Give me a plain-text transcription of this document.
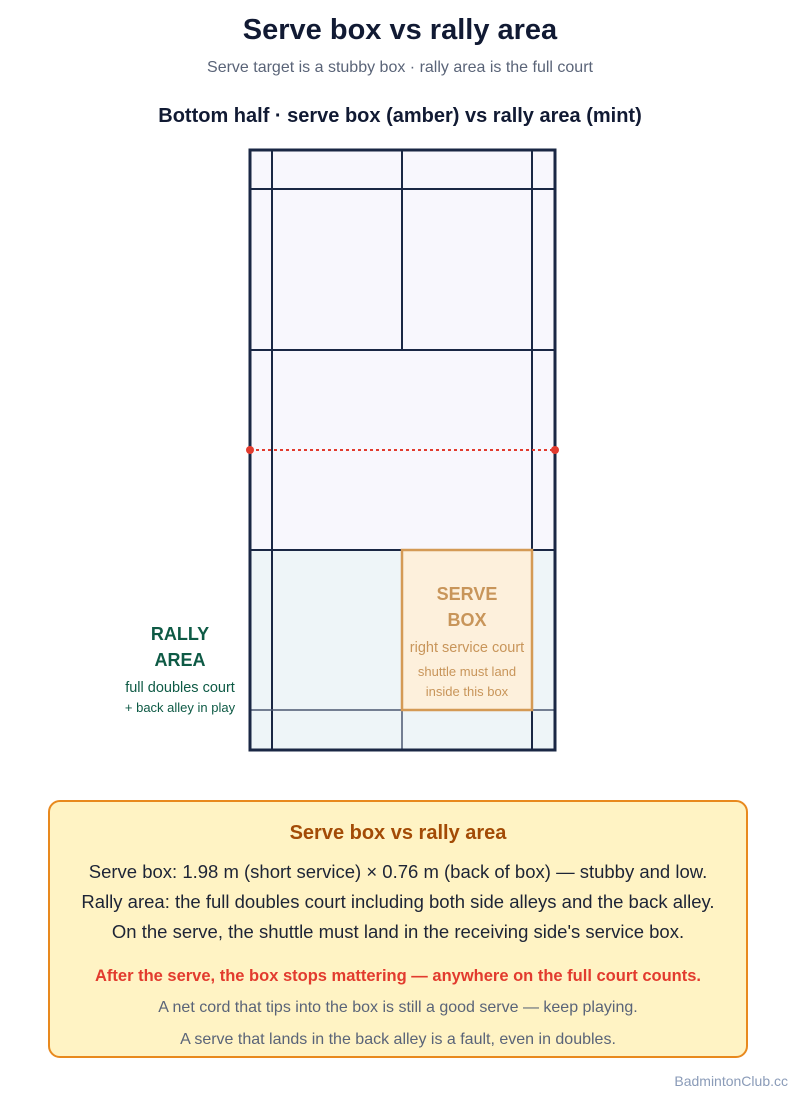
Serve box vs rally area
Serve target is a stubby box · rally area is the full court
Bottom half · serve box (amber) vs rally area (mint)
SERVE
BOX
right service court
shuttle must land
inside this box
RALLY
AREA
full doubles court
+ back alley in play
Serve box vs rally area
Serve box: 1.98 m (short service) × 0.76 m (back of box) — stubby and low.
Rally area: the full doubles court including both side alleys and the back alley.
On the serve, the shuttle must land in the receiving side's service box.
After the serve, the box stops mattering — anywhere on the full court counts.
A net cord that tips into the box is still a good serve — keep playing.
A serve that lands in the back alley is a fault, even in doubles.
BadmintonClub.cc
